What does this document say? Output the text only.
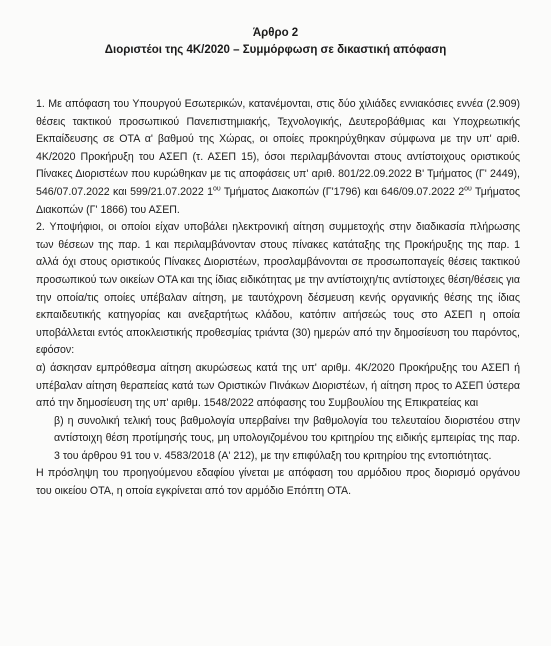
Άρθρο 2

Διοριστέοι της 4Κ/2020 – Συμμόρφωση σε δικαστική απόφαση

1. Με απόφαση του Υπουργού Εσωτερικών, κατανέμονται, στις δύο χιλιάδες εννιακόσιες εννέα (2.909) θέσεις τακτικού προσωπικού Πανεπιστημιακής, Τεχνολογικής, Δευτεροβάθμιας και Υποχρεωτικής Εκπαίδευσης σε ΟΤΑ α' βαθμού της Χώρας, οι οποίες προκηρύχθηκαν σύμφωνα με την υπ' αριθ. 4Κ/2020 Προκήρυξη του ΑΣΕΠ (τ. ΑΣΕΠ 15), όσοι περιλαμβάνονται στους αντίστοιχους οριστικούς Πίνακες Διοριστέων που κυρώθηκαν με τις αποφάσεις υπ' αριθ. 801/22.09.2022 Β' Τμήματος (Γ' 2449), 546/07.07.2022 και 599/21.07.2022 $1^{o\upsilon}$ Τμήματος Διακοπών (Γ'1796) και 646/09.07.2022 $2^{o\upsilon}$ Τμήματος Διακοπών (Γ' 1866) του ΑΣΕΠ.

2. Υποψήφιοι, οι οποίοι είχαν υποβάλει ηλεκτρονική αίτηση συμμετοχής στην διαδικασία πλήρωσης των θέσεων της παρ. 1 και περιλαμβάνονταν στους πίνακες κατάταξης της Προκήρυξης της παρ. 1 αλλά όχι στους οριστικούς Πίνακες Διοριστέων, προσλαμβάνονται σε προσωποπαγείς θέσεις τακτικού προσωπικού των οικείων ΟΤΑ και της ίδιας ειδικότητας με την αντίστοιχη/τις αντίστοιχες θέση/θέσεις για την οποία/τις οποίες υπέβαλαν αίτηση, με ταυτόχρονη δέσμευση κενής οργανικής θέσης της ίδιας εκπαιδευτικής κατηγορίας και ανεξαρτήτως κλάδου, κατόπιν αιτήσεώς τους στο ΑΣΕΠ η οποία υποβάλλεται εντός αποκλειστικής προθεσμίας τριάντα (30) ημερών από την δημοσίευση του παρόντος, εφόσον:

α) άσκησαν εμπρόθεσμα αίτηση ακυρώσεως κατά της υπ' αριθμ. 4Κ/2020 Προκήρυξης του ΑΣΕΠ ή υπέβαλαν αίτηση θεραπείας κατά των Οριστικών Πινάκων Διοριστέων, ή αίτηση προς το ΑΣΕΠ ύστερα από την δημοσίευση της υπ' αριθμ. 1548/2022 απόφασης του Συμβουλίου της Επικρατείας και

β) η συνολική τελική τους βαθμολογία υπερβαίνει την βαθμολογία του τελευταίου διοριστέου στην αντίστοιχη θέση προτίμησής τους, μη υπολογιζομένου του κριτηρίου της ειδικής εμπειρίας της παρ. 3 του άρθρου 91 του ν. 4583/2018 (Α' 212), με την επιφύλαξη του κριτηρίου της εντοπιότητας.

Η πρόσληψη του προηγούμενου εδαφίου γίνεται με απόφαση του αρμόδιου προς διορισμό οργάνου του οικείου ΟΤΑ, η οποία εγκρίνεται από τον αρμόδιο Επόπτη ΟΤΑ.
